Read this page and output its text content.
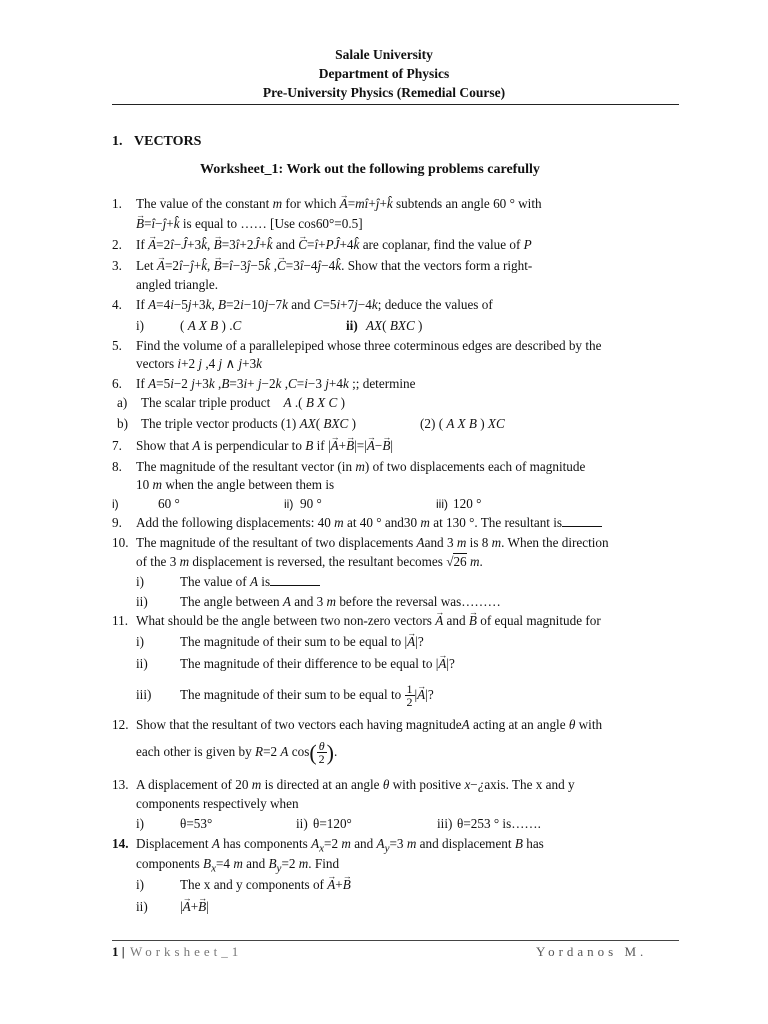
Salale University
Department of Physics
Pre-University Physics (Remedial Course)
1. VECTORS
Worksheet_1: Work out the following problems carefully
1. The value of the constant m for which → A=mî+ĵ+k̂ subtends an angle 60 ° with
→ B=î−ĵ+k̂ is equal to …… [Use cos60°=0.5]
2. If → A=2î−Ĵ+3k̂, → B=3î+2Ĵ+k̂ and → C=î+PĴ+4k̂ are coplanar, find the value of P
3. Let → A=2î−ĵ+k̂, → B=î−3ĵ−5k̂ ,→ C=3î−4ĵ−4k̂. Show that the vectors form a right-
angled triangle.
4. If A=4i−5j+3k, B=2i−10j−7k and C=5i+7j−4k; deduce the values of
i)	( A X B ) .C	ii) AX( BXC )
5. Find the volume of a parallelepiped whose three coterminous edges are described by the
vectors i+2 j ,4 j ∧ j+3k
6. If A=5i−2 j+3k ,B=3i+ j−2k ,C=i−3 j+4k ;; determine
a) The scalar triple product A .( B X C )
b) The triple vector products (1) AX( BXC )	(2) ( A X B ) XC
7. Show that A is perpendicular to B if |→ A+→ B|=|→ A−→ B|
8. The magnitude of the resultant vector (in m) of two displacements each of magnitude
10 m when the angle between them is
i)	60 °	ii) 90 °	iii) 120 °
9. Add the following displacements: 40 m at 40 ° and30 m at 130 °. The resultant is
10. The magnitude of the resultant of two displacements Aand 3 m is 8 m. When the direction
of the 3 m displacement is reversed, the resultant becomes √26 m.
i)	The value of A is
ii) The angle between A and 3 m before the reversal was………
11. What should be the angle between two non-zero vectors → A and → B of equal magnitude for
i)	The magnitude of their sum to be equal to |→ A|?
ii) The magnitude of their difference to be equal to |→ A|?
iii) The magnitude of their sum to be equal to $\frac{1}{2}$ |→ A|?
12. Show that the resultant of two vectors each having magnitudeA acting at an angle θ with
each other is given by R=2 A $\cos( \frac{\theta}{2}$ ).
13. A displacement of 20 m is directed at an angle θ with positive x−¿axis. The x and y
components respectively when
i)	θ=53°	ii) θ=120°	iii) θ=253 ° is…….
14. Displacement A has components $A_x=2$ m and $A_y=3$ m and displacement B has
components $B_x=4$ m and $B_y=2$ m. Find
i)	The x and y components of → A+→ B
ii) |→ A+→ B|
1 | Worksheet_1	Yordanos M.
